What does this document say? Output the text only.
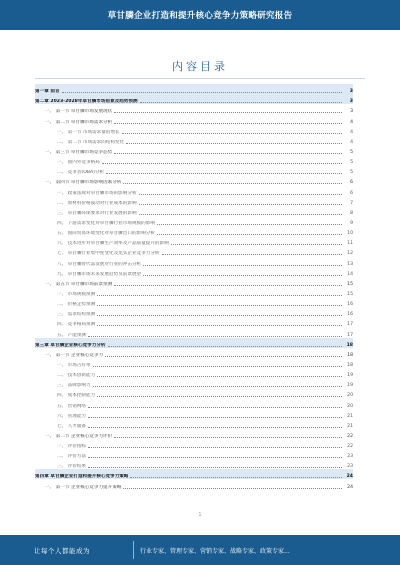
草甘膦企业打造和提升核心竞争力策略研究报告
内容目录
第一章 前言	3
第二章 2023-2028年草甘膦市场前景及趋势预测	3
一、 第一节 草甘膦市场发展现状	3
一、 第二节 草甘膦市场需求分析	4
一、 第一节 市场需求量的增长	4
二、 第二节 市场需求的结构变化	4
一、 第三节 草甘膦市场竞争态势	5
一、 国内外竞争格局	5
二、 竞争者(OBA)分析	5
一、 第四节 草甘膦市场影响因素分析	6
一、 政策法规对草甘膦市场的影响分析	6
二、 原材料价格波动对行业成本的影响	7
三、 草甘膦环保要求对行业发展的影响	8
四、 下游需求变化对草甘膦行业市场规模的影响	9
五、 国际贸易环境变化对草甘膦出口的影响分析	10
六、 技术进步对草甘膦生产效率及产品质量提升的影响	11
七、 草甘膦行业集中度变化及龙头企业竞争力分析	12
八、 草甘膦替代品发展对行业的冲击分析	13
九、 草甘膦市场未来发展趋势及前景展望	14
一、 第五节 草甘膦市场前景预测	15
一、 市场规模预测	15
二、 价格走势预测	16
三、 需求结构预测	16
四、 竞争格局预测	17
五、 产能预测	17
第三章 草甘膦企业核心竞争力分析	18
一、 第一节 企业核心竞争力	18
一、 市场占有率	18
二、 技术创新能力	19
三、 品牌影响力	19
四、 成本控制能力	20
五、 营销网络	20
六、 管理能力	21
七、 人才储备	21
一、 第二节 企业核心竞争力评价	22
一、 评价指标	22
二、 评价方法	23
三、 评价结果	23
第四章 草甘膦企业打造和提升核心竞争力策略	24
一、 第一节 企业核心竞争力提升策略	24
1
让每个人都能成为	行业专家、管理专家、营销专家、战略专家、政策专家...
